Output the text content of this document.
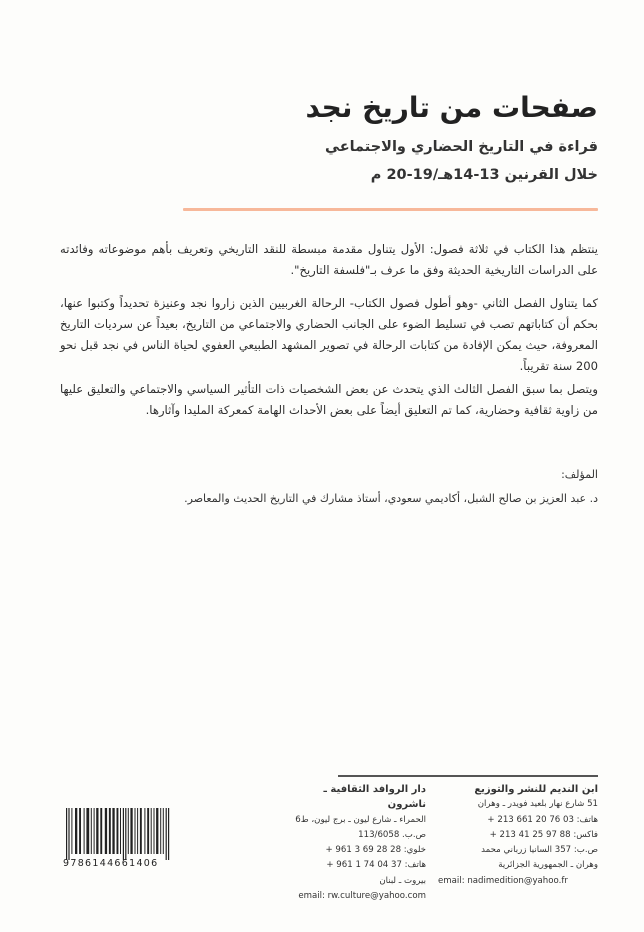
صفحات من تاريخ نجد
قراءة في التاريخ الحضاري والاجتماعي
خلال القرنين 13-14هـ/19-20 م
ينتظم هذا الكتاب في ثلاثة فصول: الأول يتناول مقدمة مبسطة للنقد التاريخي وتعريف بأهم موضوعاته وفائدته على الدراسات التاريخية الحديثة وفق ما عرف بـ"فلسفة التاريخ".
كما يتناول الفصل الثاني -وهو أطول فصول الكتاب- الرحالة الغربيين الذين زاروا نجد وعنيزة تحديداً وكتبوا عنها، بحكم أن كتاباتهم تصب في تسليط الضوء على الجانب الحضاري والاجتماعي من التاريخ، بعيداً عن سرديات التاريخ المعروفة، حيث يمكن الإفادة من كتابات الرحالة في تصوير المشهد الطبيعي العفوي لحياة الناس في نجد قبل نحو 200 سنة تقريباً.
ويتصل بما سبق الفصل الثالث الذي يتحدث عن بعض الشخصيات ذات التأثير السياسي والاجتماعي والتعليق عليها من زاوية ثقافية وحضارية، كما تم التعليق أيضاً على بعض الأحداث الهامة كمعركة المليدا وآثارها.
المؤلف:
د. عبد العزيز بن صالح الشبل، أكاديمي سعودي، أستاذ مشارك في التاريخ الحديث والمعاصر.
ابن النديم للنشر والتوزيع
51 شارع نهار بلعيد فويدر ـ وهران
هاتف: 03 76 20 661 213 +
فاكس: 88 97 25 41 213 +
ص.ب: 357 السانيا زرباني محمد
وهران ـ الجمهورية الجزائرية
email: nadimedition@yahoo.fr
دار الروافد الثقافية ـ ناشرون
الحمراء ـ شارع ليون ـ برج ليون، ط6
ص.ب. 113/6058
خلوي: 28 28 69 3 961 +
هاتف: 37 04 74 1 961 +
بيروت ـ لبنان
email: rw.culture@yahoo.com
9786144661406
